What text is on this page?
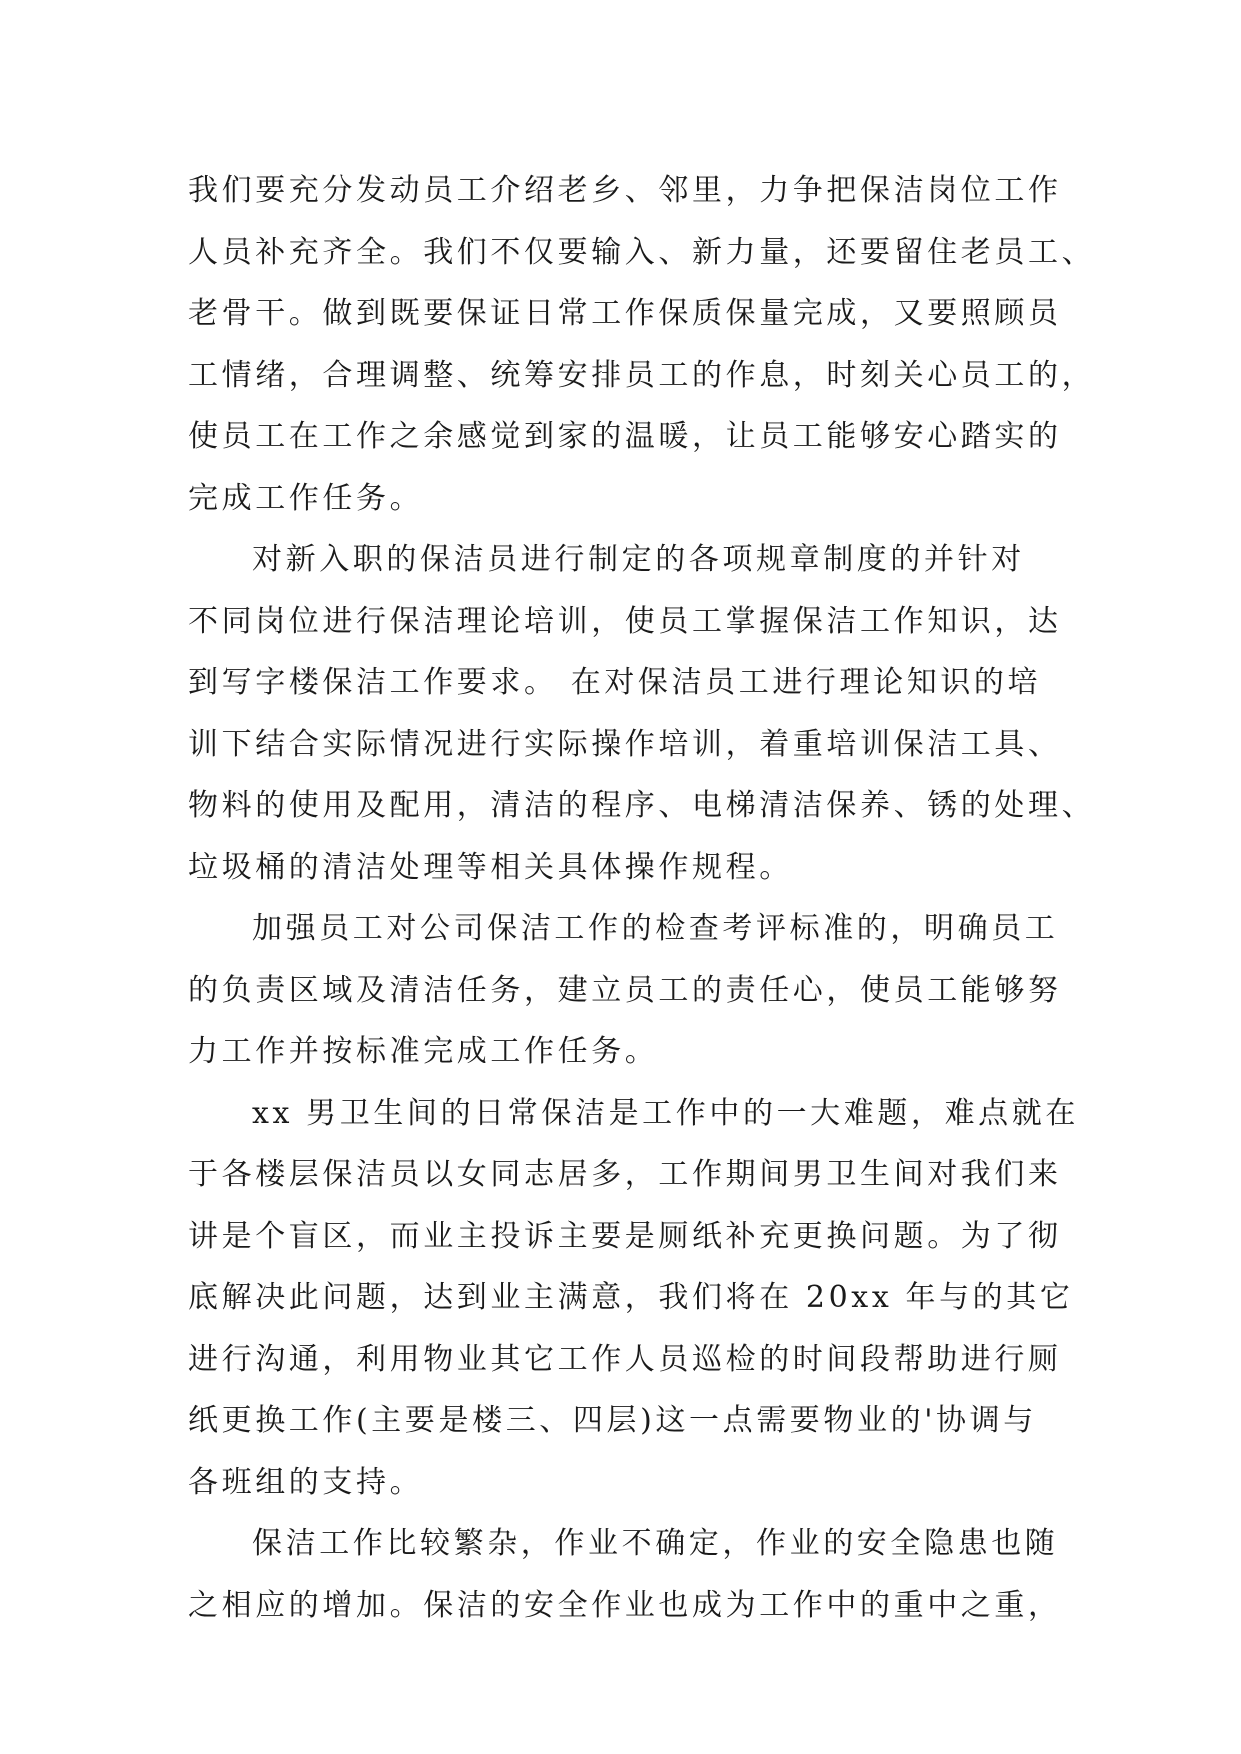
我们要充分发动员工介绍老乡、邻里，力争把保洁岗位工作
人员补充齐全。我们不仅要输入、新力量，还要留住老员工、
老骨干。做到既要保证日常工作保质保量完成，又要照顾员
工情绪，合理调整、统筹安排员工的作息，时刻关心员工的，
使员工在工作之余感觉到家的温暖，让员工能够安心踏实的
完成工作任务。
对新入职的保洁员进行制定的各项规章制度的并针对
不同岗位进行保洁理论培训，使员工掌握保洁工作知识，达
到写字楼保洁工作要求。 在对保洁员工进行理论知识的培
训下结合实际情况进行实际操作培训，着重培训保洁工具、
物料的使用及配用，清洁的程序、电梯清洁保养、锈的处理、
垃圾桶的清洁处理等相关具体操作规程。
加强员工对公司保洁工作的检查考评标准的，明确员工
的负责区域及清洁任务，建立员工的责任心，使员工能够努
力工作并按标准完成工作任务。
xx 男卫生间的日常保洁是工作中的一大难题，难点就在
于各楼层保洁员以女同志居多，工作期间男卫生间对我们来
讲是个盲区，而业主投诉主要是厕纸补充更换问题。为了彻
底解决此问题，达到业主满意，我们将在 20xx 年与的其它
进行沟通，利用物业其它工作人员巡检的时间段帮助进行厕
纸更换工作(主要是楼三、四层)这一点需要物业的'协调与
各班组的支持。
保洁工作比较繁杂，作业不确定，作业的安全隐患也随
之相应的增加。保洁的安全作业也成为工作中的重中之重，
